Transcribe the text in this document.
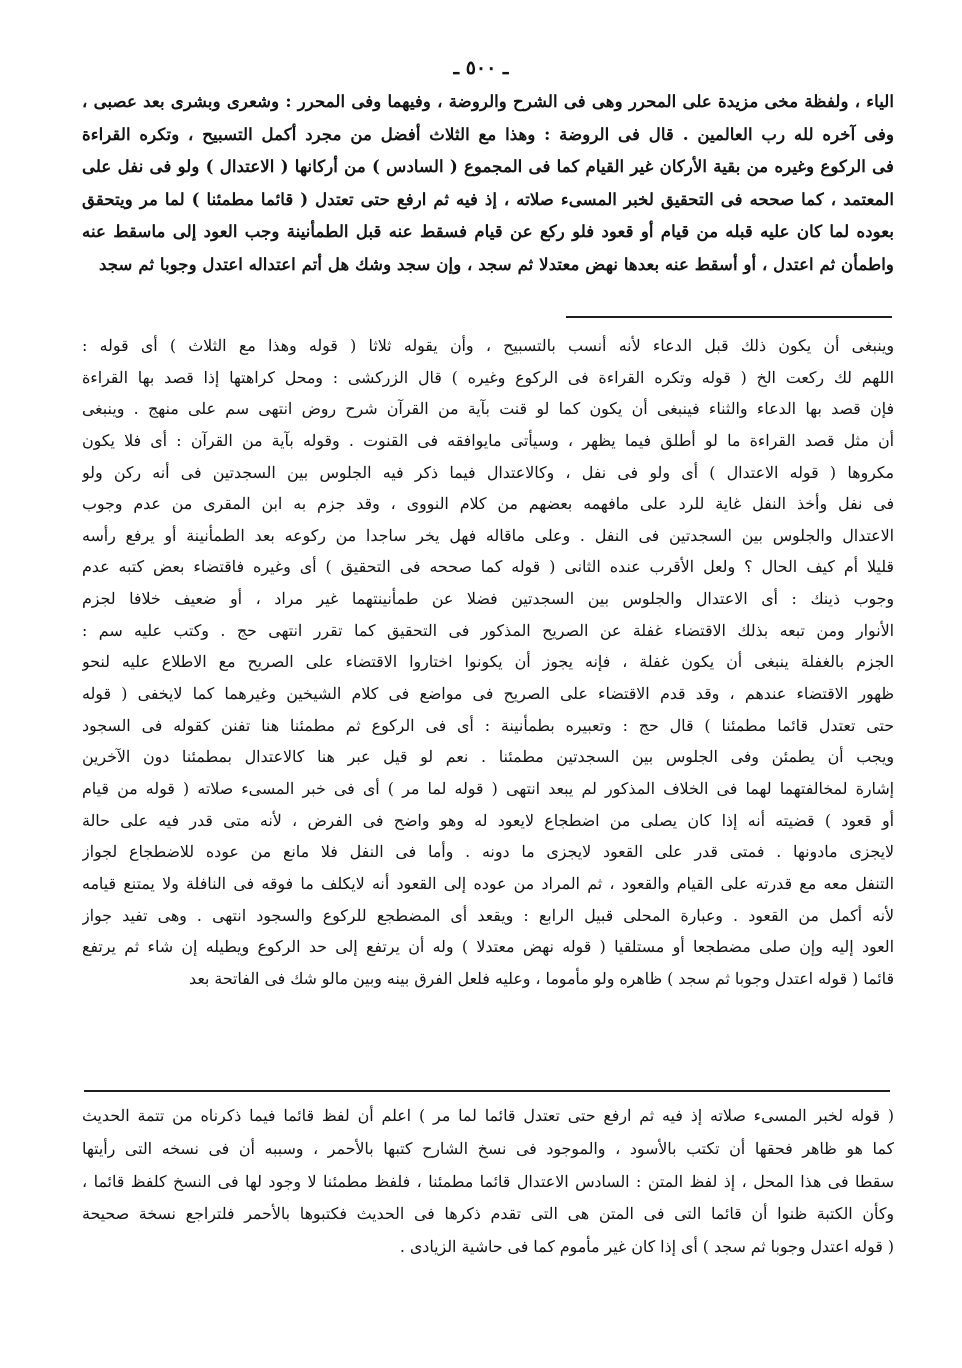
ـ ٥٠٠ ـ
الياء ، ولفظة مخى مزيدة على المحرر وهى فى الشرح والروضة ، وفيهما وفى المحرر : وشعرى وبشرى بعد عصبى ،
وفى آخره لله رب العالمين . قال فى الروضة : وهذا مع الثلاث أفضل من مجرد أكمل التسبيح ، وتكره القراءة
فى الركوع وغيره من بقية الأركان غير القيام كما فى المجموع ( السادس ) من أركانها ( الاعتدال ) ولو فى نفل على
المعتمد ، كما صححه فى التحقيق لخبر المسىء صلاته ، إذ فيه ثم ارفع حتى تعتدل ( قائما مطمئنا ) لما مر ويتحقق
بعوده لما كان عليه قبله من قيام أو قعود فلو ركع عن قيام فسقط عنه قبل الطمأنينة وجب العود إلى ماسقط عنه
واطمأن ثم اعتدل ، أو أسقط عنه بعدها نهض معتدلا ثم سجد ، وإن سجد وشك هل أتم اعتداله اعتدل وجوبا ثم سجد
وينبغى أن يكون ذلك قبل الدعاء لأنه أنسب بالتسبيح ، وأن يقوله ثلاثا ( قوله وهذا مع الثلاث ) أى قوله :
اللهم لك ركعت الخ ( قوله وتكره القراءة فى الركوع وغيره ) قال الزركشى : ومحل كراهتها إذا قصد بها القراءة
فإن قصد بها الدعاء والثناء فينبغى أن يكون كما لو قنت بآية من القرآن شرح روض انتهى سم على منهج . وينبغى
أن مثل قصد القراءة ما لو أطلق فيما يظهر ، وسيأتى مايوافقه فى القنوت . وقوله بآية من القرآن : أى فلا يكون
مكروها ( قوله الاعتدال ) أى ولو فى نفل ، وكالاعتدال فيما ذكر فيه الجلوس بين السجدتين فى أنه ركن ولو
فى نفل وأخذ النفل غاية للرد على مافهمه بعضهم من كلام النووى ، وقد جزم به ابن المقرى من عدم وجوب
الاعتدال والجلوس بين السجدتين فى النفل . وعلى ماقاله فهل يخر ساجدا من ركوعه بعد الطمأنينة أو يرفع رأسه
قليلا أم كيف الحال ؟ ولعل الأقرب عنده الثانى ( قوله كما صححه فى التحقيق ) أى وغيره فاقتضاء بعض كتبه عدم
وجوب ذينك : أى الاعتدال والجلوس بين السجدتين فضلا عن طمأنينتهما غير مراد ، أو ضعيف خلافا لجزم
الأنوار ومن تبعه بذلك الاقتضاء غفلة عن الصريح المذكور فى التحقيق كما تقرر انتهى حج . وكتب عليه سم :
الجزم بالغفلة ينبغى أن يكون غفلة ، فإنه يجوز أن يكونوا اختاروا الاقتضاء على الصريح مع الاطلاع عليه لنحو
ظهور الاقتضاء عندهم ، وقد قدم الاقتضاء على الصريح فى مواضع فى كلام الشيخين وغيرهما كما لايخفى ( قوله
حتى تعتدل قائما مطمئنا ) قال حج : وتعبيره بطمأنينة : أى فى الركوع ثم مطمئنا هنا تفنن كقوله فى السجود
ويجب أن يطمئن وفى الجلوس بين السجدتين مطمئنا . نعم لو قيل عبر هنا كالاعتدال بمطمئنا دون الآخرين
إشارة لمخالفتهما لهما فى الخلاف المذكور لم يبعد انتهى ( قوله لما مر ) أى فى خبر المسىء صلاته ( قوله من قيام
أو قعود ) قضيته أنه إذا كان يصلى من اضطجاع لايعود له وهو واضح فى الفرض ، لأنه متى قدر فيه على حالة
لايجزى مادونها . فمتى قدر على القعود لايجزى ما دونه . وأما فى النفل فلا مانع من عوده للاضطجاع لجواز
التنفل معه مع قدرته على القيام والقعود ، ثم المراد من عوده إلى القعود أنه لايكلف ما فوقه فى النافلة ولا يمتنع قيامه
لأنه أكمل من القعود . وعبارة المحلى قبيل الرابع : ويقعد أى المضطجع للركوع والسجود انتهى . وهى تفيد جواز
العود إليه وإن صلى مضطجعا أو مستلقيا ( قوله نهض معتدلا ) وله أن يرتفع إلى حد الركوع ويطيله إن شاء ثم يرتفع
قائما ( قوله اعتدل وجوبا ثم سجد ) ظاهره ولو مأموما ، وعليه فلعل الفرق بينه وبين مالو شك فى الفاتحة بعد
( قوله لخبر المسىء صلاته إذ فيه ثم ارفع حتى تعتدل قائما لما مر ) اعلم أن لفظ قائما فيما ذكرناه من تتمة الحديث
كما هو ظاهر فحقها أن تكتب بالأسود ، والموجود فى نسخ الشارح كتبها بالأحمر ، وسببه أن فى نسخه التى رأيتها
سقطا فى هذا المحل ، إذ لفظ المتن : السادس الاعتدال قائما مطمئنا ، فلفظ مطمئنا لا وجود لها فى النسخ كلفظ قائما ،
وكأن الكتبة ظنوا أن قائما التى فى المتن هى التى تقدم ذكرها فى الحديث فكتبوها بالأحمر فلتراجع نسخة صحيحة
( قوله اعتدل وجوبا ثم سجد ) أى إذا كان غير مأموم كما فى حاشية الزيادى .
